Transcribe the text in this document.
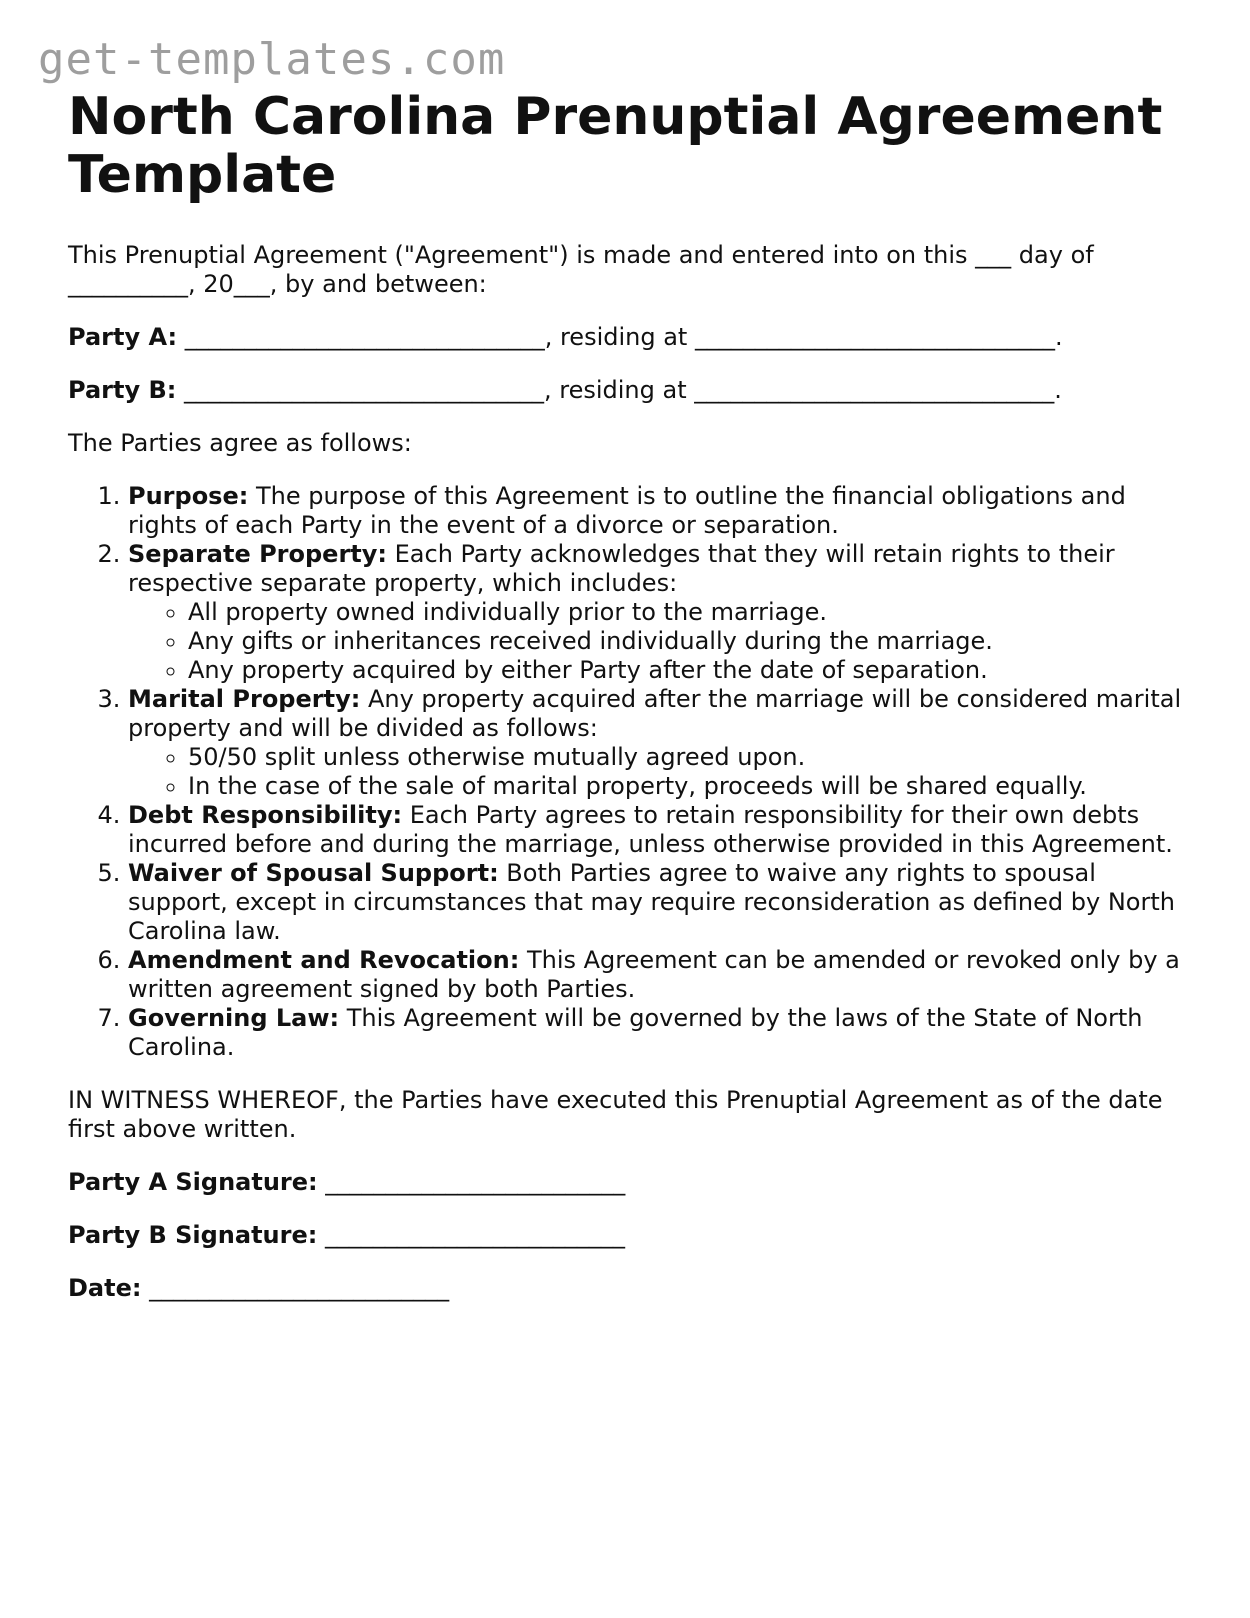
get-templates.com
North Carolina Prenuptial Agreement Template

This Prenuptial Agreement ("Agreement") is made and entered into on this ___ day of __________, 20___, by and between:

Party A: ______________________________, residing at ______________________________.

Party B: ______________________________, residing at ______________________________.

The Parties agree as follows:

1. Purpose: The purpose of this Agreement is to outline the financial obligations and rights of each Party in the event of a divorce or separation.
2. Separate Property: Each Party acknowledges that they will retain rights to their respective separate property, which includes:
◦ All property owned individually prior to the marriage.
◦ Any gifts or inheritances received individually during the marriage.
◦ Any property acquired by either Party after the date of separation.
3. Marital Property: Any property acquired after the marriage will be considered marital property and will be divided as follows:
◦ 50/50 split unless otherwise mutually agreed upon.
◦ In the case of the sale of marital property, proceeds will be shared equally.
4. Debt Responsibility: Each Party agrees to retain responsibility for their own debts incurred before and during the marriage, unless otherwise provided in this Agreement.
5. Waiver of Spousal Support: Both Parties agree to waive any rights to spousal support, except in circumstances that may require reconsideration as defined by North Carolina law.
6. Amendment and Revocation: This Agreement can be amended or revoked only by a written agreement signed by both Parties.
7. Governing Law: This Agreement will be governed by the laws of the State of North Carolina.

IN WITNESS WHEREOF, the Parties have executed this Prenuptial Agreement as of the date first above written.

Party A Signature: _________________________

Party B Signature: _________________________

Date: _________________________
